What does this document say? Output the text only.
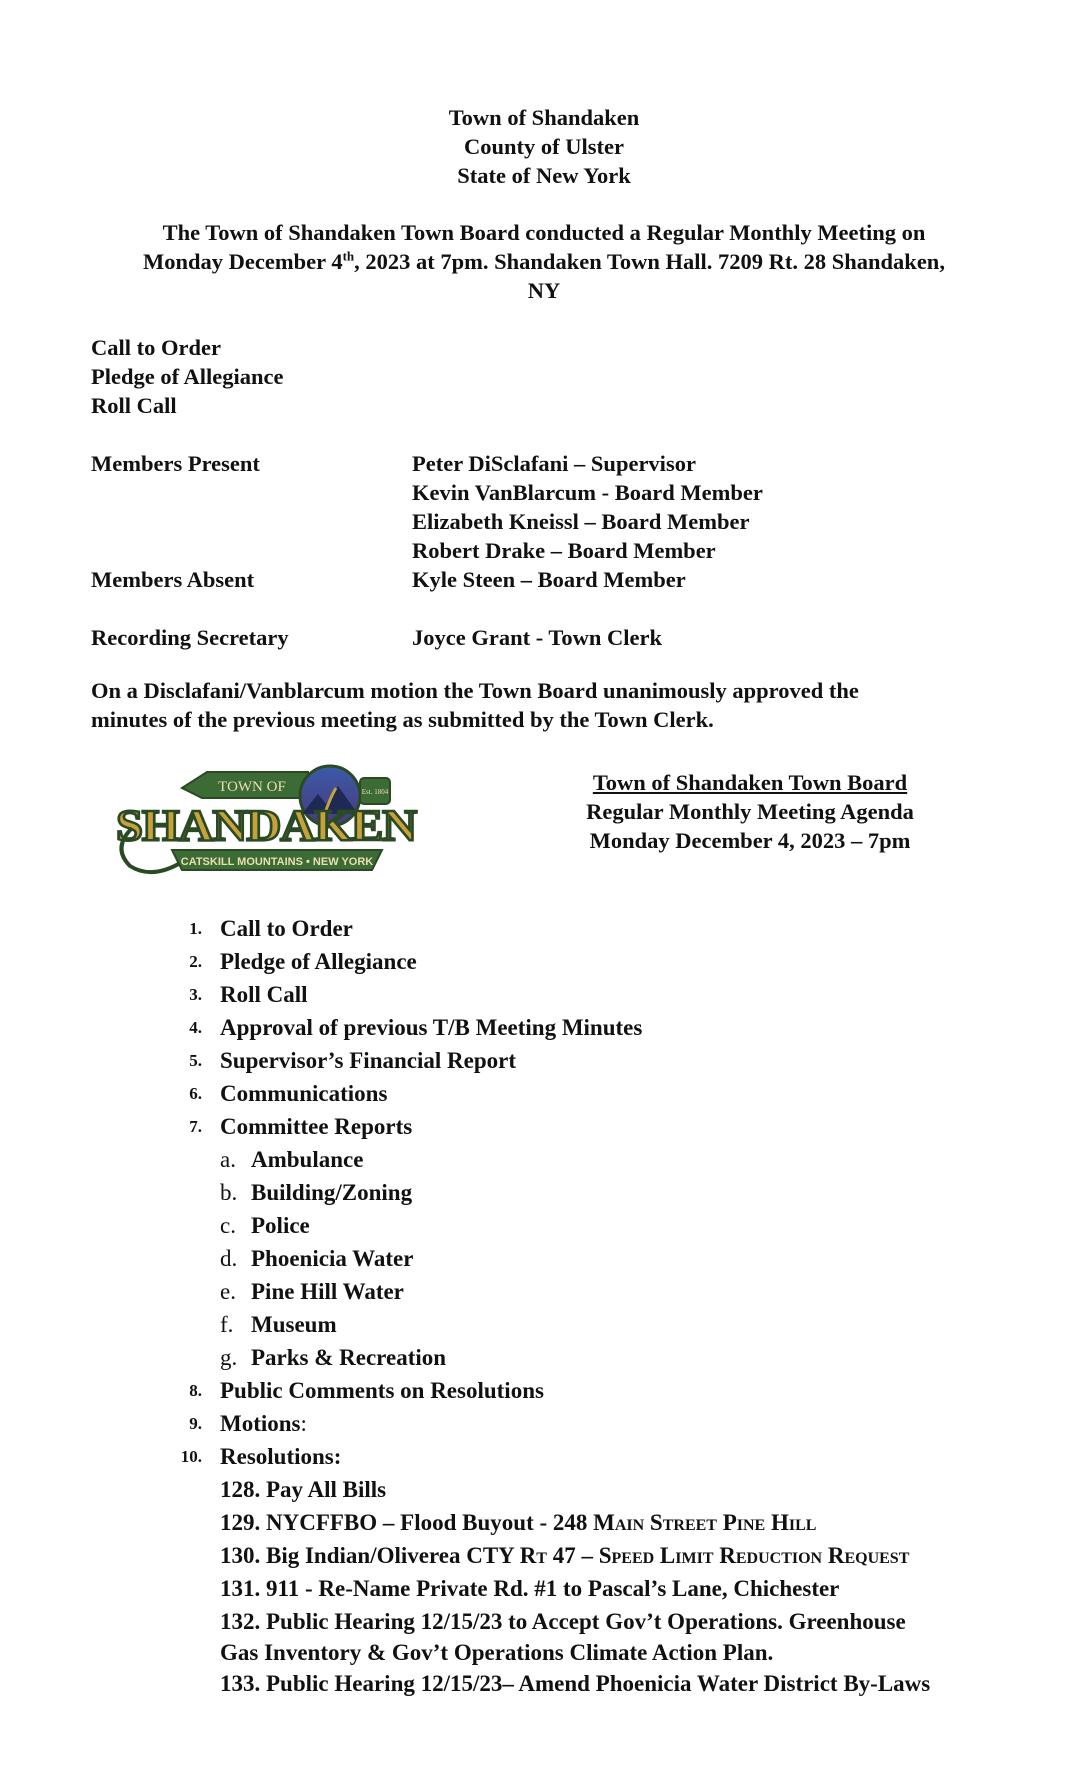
Town of Shandaken
County of Ulster
State of New York
The Town of Shandaken Town Board conducted a Regular Monthly Meeting on
Monday December 4th, 2023 at 7pm. Shandaken Town Hall. 7209 Rt. 28 Shandaken,
NY
Call to Order
Pledge of Allegiance
Roll Call
Members Present	Peter DiSclafani – Supervisor
Kevin VanBlarcum - Board Member
Elizabeth Kneissl – Board Member
Robert Drake – Board Member
Members Absent	Kyle Steen – Board Member
Recording Secretary	Joyce Grant - Town Clerk
On a Disclafani/Vanblarcum motion the Town Board unanimously approved the
minutes of the previous meeting as submitted by the Town Clerk.
TOWN OF	Est. 1804
SHANDAKEN
CATSKILL MOUNTAINS • NEW YORK
Town of Shandaken Town Board
Regular Monthly Meeting Agenda
Monday December 4, 2023 – 7pm
1. Call to Order
2. Pledge of Allegiance
3. Roll Call
4. Approval of previous T/B Meeting Minutes
5. Supervisor’s Financial Report
6. Communications
7. Committee Reports
a. Ambulance
b. Building/Zoning
c. Police
d. Phoenicia Water
e. Pine Hill Water
f. Museum
g. Parks & Recreation
8. Public Comments on Resolutions
9. Motions:
10. Resolutions:
128. Pay All Bills
129. NYCFFBO – Flood Buyout - 248 Main Street Pine Hill
130. Big Indian/Oliverea CTY Rt 47 – Speed Limit Reduction Request
131. 911 - Re-Name Private Rd. #1 to Pascal’s Lane, Chichester
132. Public Hearing 12/15/23 to Accept Gov’t Operations. Greenhouse
Gas Inventory & Gov’t Operations Climate Action Plan.
133. Public Hearing 12/15/23– Amend Phoenicia Water District By-Laws
